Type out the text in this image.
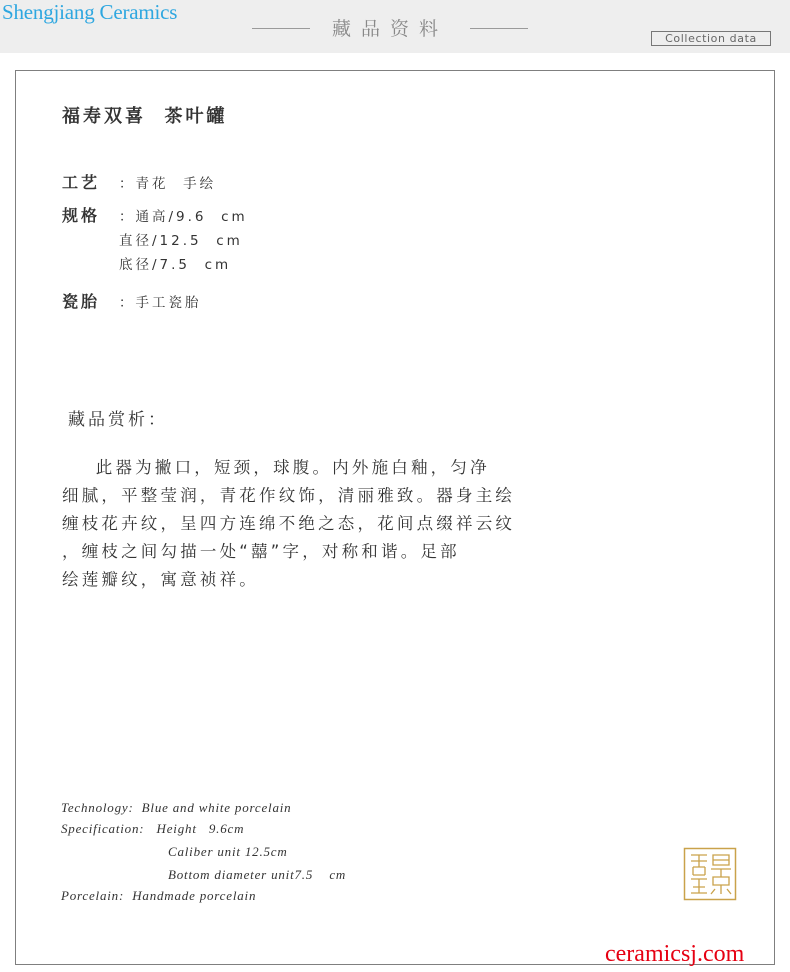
Shengjiang Ceramics
藏品资料	Collection data
福寿双喜  茶叶罐
工艺 ：青花  手绘
规格 ：通高/9.6  cm
直径/12.5  cm
底径/7.5  cm
瓷胎 ：手工瓷胎
藏品赏析：

此器为撇口，短颈，球腹。内外施白釉，匀净

细腻，平整莹润，青花作纹饰，清丽雅致。器身主绘

缠枝花卉纹，呈四方连绵不绝之态，花间点缀祥云纹

，缠枝之间勾描一处“囍”字，对称和谐。足部

绘莲瓣纹，寓意祯祥。

Technology:  Blue and white porcelain
Specification:   Height   9.6cm
Caliber unit 12.5cm
Bottom diameter unit7.5    cm
Porcelain:  Handmade porcelain
ceramicsj.com
